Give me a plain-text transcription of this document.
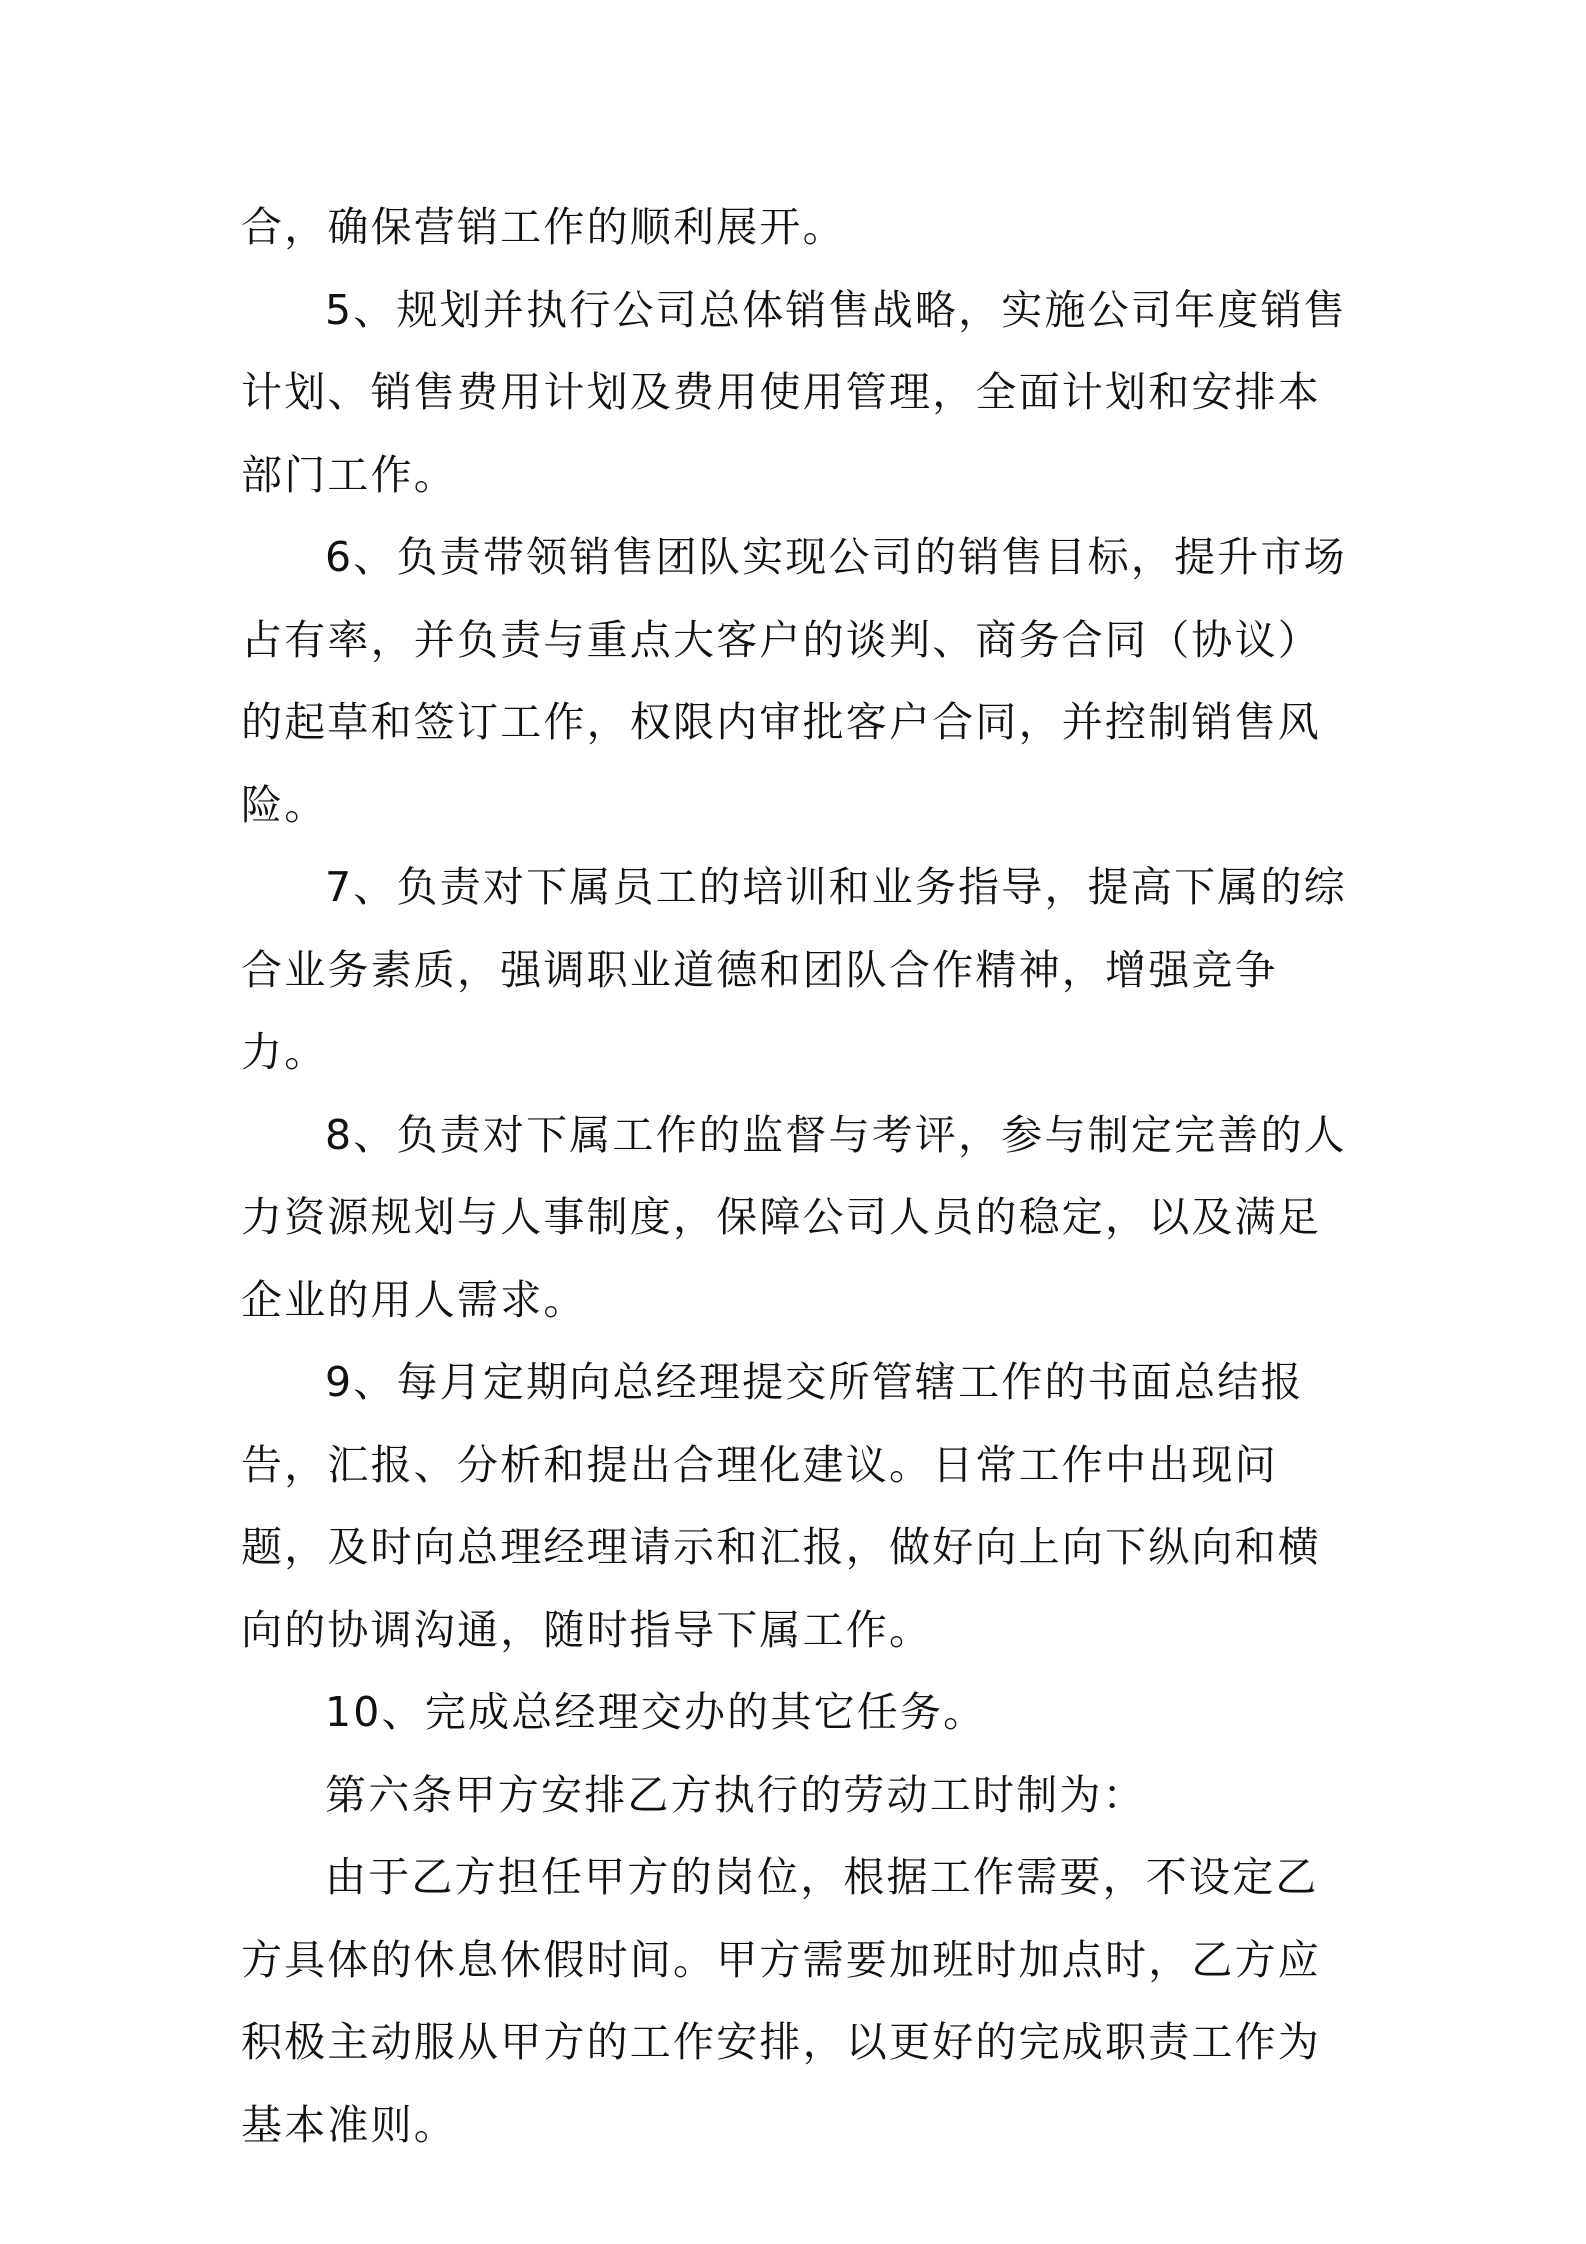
合，确保营销工作的顺利展开。

5、规划并执行公司总体销售战略，实施公司年度销售计划、销售费用计划及费用使用管理，全面计划和安排本部门工作。

6、负责带领销售团队实现公司的销售目标，提升市场占有率，并负责与重点大客户的谈判、商务合同（协议）的起草和签订工作，权限内审批客户合同，并控制销售风险。

7、负责对下属员工的培训和业务指导，提高下属的综合业务素质，强调职业道德和团队合作精神，增强竞争力。

8、负责对下属工作的监督与考评，参与制定完善的人力资源规划与人事制度，保障公司人员的稳定，以及满足企业的用人需求。

9、每月定期向总经理提交所管辖工作的书面总结报告，汇报、分析和提出合理化建议。日常工作中出现问题，及时向总理经理请示和汇报，做好向上向下纵向和横向的协调沟通，随时指导下属工作。

10、完成总经理交办的其它任务。

第六条甲方安排乙方执行的劳动工时制为：

由于乙方担任甲方的岗位，根据工作需要，不设定乙方具体的休息休假时间。甲方需要加班时加点时，乙方应积极主动服从甲方的工作安排，以更好的完成职责工作为基本准则。
